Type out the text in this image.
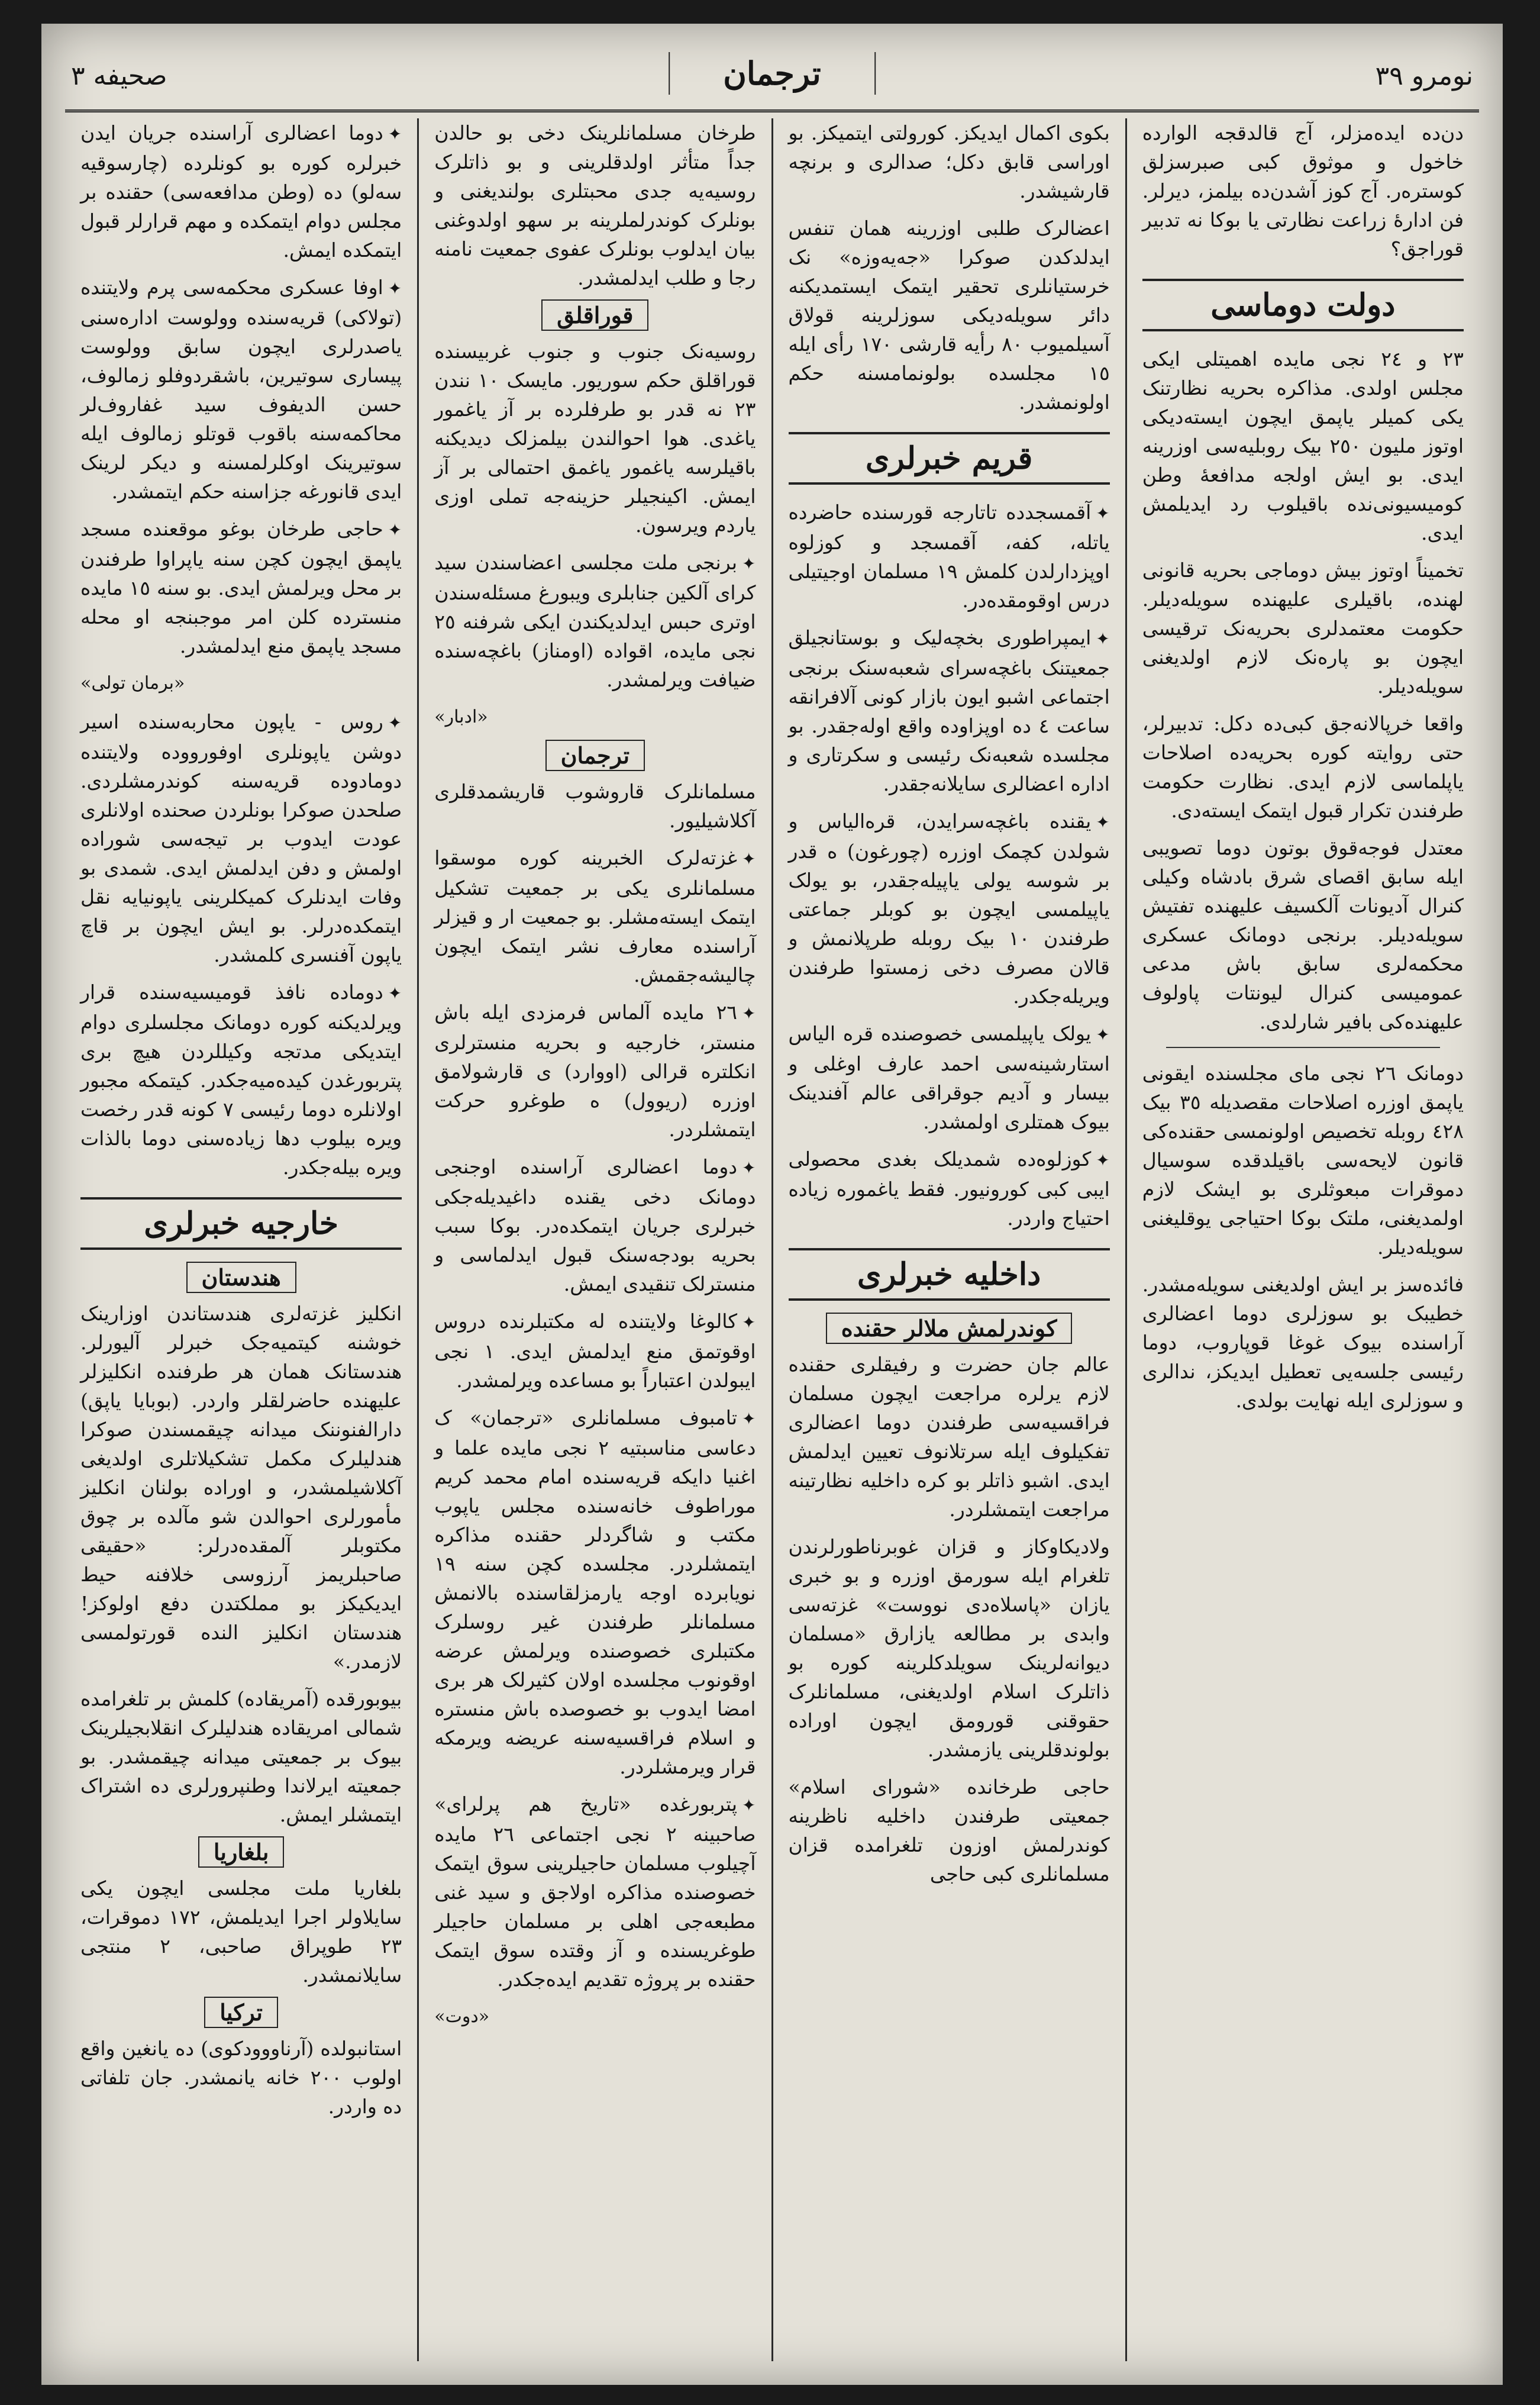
نومرو ٣٩
ترجمان
صحیفه ٣

دن‌ده ایده‌مزلر، آج قالدقجه الوارده خاخول و موثوق کبی صبرسزلق کوستره‌ر. آج کوز آشدن‌ده بیلمز، دیرلر. فن ادارهٔ زراعت نظارتی یا بوکا نه تدبیر قوراجق؟

دولت دوماسی

٢٣ و ٢٤ نجی مایده اهمیتلی ایکی مجلس اولدی. مذاکره بحریه نظارتنک یکی کمیلر یاپمق ایچون ایسته‌دیکی اوتوز ملیون ٢٥٠ بیک روبلیه‌سی اوزرینه ایدی. بو ایش اولجه مدافعهٔ وطن کومیسیونی‌نده باقیلوب رد ایدیلمش ایدی.

تخمیناً اوتوز بیش دوماجی بحریه قانونی لهنده، باقیلری علیهنده سویله‌دیلر. حکومت معتمدلری بحریه‌نک ترقیسی ایچون بو پاره‌نک لازم اولدیغنی سویله‌دیلر.

واقعا خرپالانه‌جق کبی‌ده دکل: تدبیرلر، حتی روایته کوره بحریه‌ده اصلاحات یاپلماسی لازم ایدی. نظارت حکومت طرفندن تکرار قبول ایتمک ایسته‌دی.

معتدل فوجه‌قوق بوتون دوما تصویبی ایله سابق اقصای شرق بادشاه وکیلی کنرال آدیونات آلکسیف علیهنده تفتیش سویله‌دیلر. برنجی دومانک عسکری محکمه‌لری سابق باش مدعی عمومیسی کنرال لیونتات پاولوف علیهنده‌کی بافیر شارلدی.

دومانک ٢٦ نجی مای مجلسنده ایقونی یاپمق اوزره اصلاحات مقصدیله ٣٥ بیک ٤٢٨ روبله تخصیص اولونمسی حقنده‌کی قانون لایحه‌سی باقیلدقده سوسیال دموقرات مبعوثلری بو ایشک لازم اولمدیغنی، ملتک بوکا احتیاجی یوقلیغنی سویله‌دیلر.

فائده‌سز بر ایش اولدیغنی سویله‌مشدر. خطیبک بو سوزلری دوما اعضالری آراسنده بیوک غوغا قوپاروب، دوما رئیسی جلسه‌یی تعطیل ایدیکز، ندالری و سوزلری ایله نهایت بولدی.

بکوی اکمال ایدیکز. کورولتی ایتمیکز. بو اوراسی قابق دکل؛ صدالری و برنچه قارشیشدر.

اعضالرک طلبی اوزرینه همان تنفس ایدلدکدن صوکرا «جه‌یه‌وزه» نک خرستیانلری تحقیر ایتمک ایستمدیکنه دائر سویله‌دیکی سوزلرینه قولاق آسیلمیوب ٨٠ رأیه قارشی ١٧٠ رأی ایله ١٥ مجلسده بولونمامسنه حکم اولونمشدر.

قریم خبرلری

✦آقمسجدده تاتارجه قورسنده حاضرده یاتله، کفه، آقمسجد و کوزلوه اوپزدارلدن کلمش ١٩ مسلمان اوجیتیلی درس اوقومقده‌در.

✦ایمپراطوری بخچه‌لیک و بوستانجیلق جمعیتنک باغچه‌سرای شعبه‌سنک برنجی اجتماعی اشبو ایون بازار کونی آلافرانقه ساعت ٤ ده اوپزاوده واقع اوله‌جقدر. بو مجلسده شعبه‌نک رئیسی و سکرتاری و اداره اعضالری سایلانه‌جقدر.

✦یقنده باغچه‌سرایدن، قره‌الیاس و شولدن کچمک اوزره (چورغون) ه قدر بر شوسه یولی یاپیله‌جقدر، بو یولک یاپیلمسی ایچون بو کوبلر جماعتی طرفندن ١٠ بیک روبله طرپلانمش و قالان مصرف دخی زمستوا طرفندن ویریله‌جکدر.

✦یولک یاپیلمسی خصوصنده قره الیاس استارشینه‌سی احمد عارف اوغلی و بیسار و آدیم جوقراقی عالم آفندینک بیوک همتلری اولمشدر.

✦کوزلوه‌ده شمدیلک بغدی محصولی ایبی کبی کورونیور. فقط یاغموره زیاده احتیاج واردر.

داخلیه خبرلری
کوندرلمش ملالر حقنده

عالم جان حضرت و رفیقلری حقنده لازم یرلره مراجعت ایچون مسلمان فراقسیه‌سی طرفندن دوما اعضالری تفکیلوف ایله سرتلانوف تعیین ایدلمش ایدی. اشبو ذاتلر بو کره داخلیه نظارتینه مراجعت ایتمشلردر.

ولادیکاوکاز و قزان غوبرناطورلرندن تلغرام ایله سورمق اوزره و بو خبری یازان «پاسلاه‌دی نووست» غزته‌سی وابدی بر مطالعه یازارق «مسلمان دیوانه‌لرینک سویلدکلرینه کوره بو ذاتلرک اسلام اولدیغنی، مسلمانلرک حقوقنی قورومق ایچون اوراده بولوندقلرینی یازمشدر.

حاجی طرخانده «شورای اسلام» جمعیتی طرفندن داخلیه ناظرینه کوندرلمش اوزون تلغرامده قزان مسلمانلری کبی حاجی

طرخان مسلمانلرینک دخی بو حالدن جداً متأثر اولدقلرینی و بو ذاتلرک روسیه‌یه جدی محبتلری بولندیغنی و بونلرک کوندرلملرینه بر سهو اولدوغنی بیان ایدلوب بونلرک عفوی جمعیت نامنه رجا و طلب ایدلمشدر.

قوراقلق

روسیه‌نک جنوب و جنوب غربیسنده قوراقلق حکم سوریور. مایسک ١٠ نندن ٢٣ نه قدر بو طرفلرده بر آز یاغمور یاغدی. هوا احوالندن بیلمزلک دیدیکنه باقیلرسه یاغمور یاغمق احتمالی بر آز ایمش. اکینجیلر حزینه‌جه تملی اوزی یاردم ویرسون.

✦برنجی ملت مجلسی اعضاسندن سید کرای آلکین جنابلری ویبورغ مسئله‌سندن اوتری حبس ایدلدیکندن ایکی شرفنه ٢٥ نجی مایده، اقواده (اومناز) باغچه‌سنده ضیافت ویرلمشدر.

«ادبار»
ترجمان

مسلمانلرک قاروشوب قاریشمدقلری آکلاشیلیور.

✦غزته‌لرک الخبرینه کوره موسقوا مسلمانلری یکی بر جمعیت تشکیل ایتمک ایسته‌مشلر. بو جمعیت ار و قیزلر آراسنده معارف نشر ایتمک ایچون چالیشه‌جقمش.

✦٢٦ مایده آلماس فرمزدی ایله باش منستر، خارجیه و بحریه منسترلری انکلتره قرالی (اووارد) ی قارشولامق اوزره (ریوول) ه طوغرو حرکت ایتمشلردر.

✦دوما اعضالری آراسنده اوجنجی دومانک دخی یقنده داغیدیله‌جکی خبرلری جریان ایتمکده‌در. بوکا سبب بحریه بودجه‌سنک قبول ایدلماسی و منسترلک تنقیدی ایمش.

✦کالوغا ولایتنده له مکتبلرنده دروس اوقوتمق منع ایدلمش ایدی. ١ نجی ایبولدن اعتباراً بو مساعده ویرلمشدر.

✦تامبوف مسلمانلری «ترجمان» ک دعاسی مناسبتیه ٢ نجی مایده علما و اغنیا دایکه قریه‌سنده امام محمد کریم موراطوف خانه‌سنده مجلس یاپوب مکتب و شاگردلر حقنده مذاکره ایتمشلردر. مجلسده کچن سنه ١٩ نویابرده اوجه یارمزلقاسنده بالانمش مسلمانلر طرفندن غیر روسلرک مکتبلری خصوصنده ویرلمش عرضه اوقونوب مجلسده اولان کثیرلک هر بری امضا ایدوب بو خصوصده باش منستره و اسلام فراقسیه‌سنه عریضه ویرمکه قرار ویرمشلردر.

✦پتربورغده «تاریخ هم پرلرای» صاحبینه ٢ نجی اجتماعی ٢٦ مایده آچیلوب مسلمان حاجیلرینی سوق ایتمک خصوصنده مذاکره اولاجق و سید غنی مطبعه‌جی اهلی بر مسلمان حاجیلر طوغریسنده و آز وقتده سوق ایتمک حقنده بر پروژه تقدیم ایده‌جکدر.

«دوت»

✦دوما اعضالری آراسنده جریان ایدن خبرلره کوره بو کونلرده (چارسوقیه سه‌لو) ده (وطن مدافعه‌سی) حقنده بر مجلس دوام ایتمکده و مهم قرارلر قبول ایتمکده ایمش.

✦اوفا عسکری محکمه‌سی پرم ولایتنده (تولاکی) قریه‌سنده وولوست اداره‌سنی یاصدرلری ایچون سابق وولوست پیساری سوتیرین، باشقردوفلو زمالوف، حسن الدیفوف سید غفاروف‌لر محاکمه‌سنه باقوب قوتلو زمالوف ایله سوتیرینک اوکلرلمسنه و دیکر لرینک ایدی قانورغه جزاسنه حکم ایتمشدر.

✦حاجی طرخان بوغو موقعنده مسجد یاپمق ایچون کچن سنه یاپراوا طرفندن بر محل ویرلمش ایدی. بو سنه ١٥ مایده منسترده کلن امر موجبنجه او محله مسجد یاپمق منع ایدلمشدر.

«برمان تولی»

✦روس - یاپون محاربه‌سنده اسیر دوشن یاپونلری اوفورووده ولایتنده دومادوده قریه‌سنه کوندرمشلردی. صلحدن صوکرا بونلردن صحنده اولانلری عودت ایدوب بر تیجه‌سی شوراده اولمش و دفن ایدلمش ایدی. شمدی بو وفات ایدنلرک کمیکلرینی یاپونیایه نقل ایتمکده‌درلر. بو ایش ایچون بر قاچ یاپون آفنسری کلمشدر.

✦دوماده نافذ قومیسیه‌سنده قرار ویرلدیکنه کوره دومانک مجلسلری دوام ایتدیکی مدتجه وکیللردن هیچ بری پتربورغدن کیده‌میه‌جکدر. کیتمکه مجبور اولانلره دوما رئیسی ٧ کونه قدر رخصت ویره بیلوب دها زیاده‌سنی دوما بالذات ویره بیله‌جکدر.

خارجیه خبرلری
هندستان

انکلیز غزته‌لری هندستاندن اوزارینک خوشنه کیتمیه‌جک خبرلر آلیورلر. هندستانک همان هر طرفنده انکلیزلر علیهنده حاضرلقلر واردر. (بوبایا یاپق) دارالفنوننک میدانه چیقمسندن صوکرا هندلیلرک مکمل تشکیلاتلری اولدیغی آکلاشیلمشدر، و اوراده بولنان انکلیز مأمورلری احوالدن شو مآلده بر چوق مکتوبلر آلمقده‌درلر: «حقیقی صاحبلریمز آرزوسی خلافنه حیط ایدیکیکز بو مملکتدن دفع اولوکز! هندستان انکلیز النده قورتولمسی لازمدر.»

بیوبورقده (آمریقاده) کلمش بر تلغرامده شمالی امریقاده هندلیلرک انقلابجیلرینک بیوک بر جمعیتی میدانه چیقمشدر. بو جمعیته ایرلاندا وطنپرورلری ده اشتراک ایتمشلر ایمش.

بلغاریا

بلغاریا ملت مجلسی ایچون یکی سایلاولر اجرا ایدیلمش، ١٧٢ دموقرات، ٢٣ طوپراق صاحبی، ٢ منتجی سایلانمشدر.

ترکیا

استانبولده (آرناووودکوی) ده یانغین واقع اولوب ٢٠٠ خانه یانمشدر. جان تلفاتی ده واردر.
